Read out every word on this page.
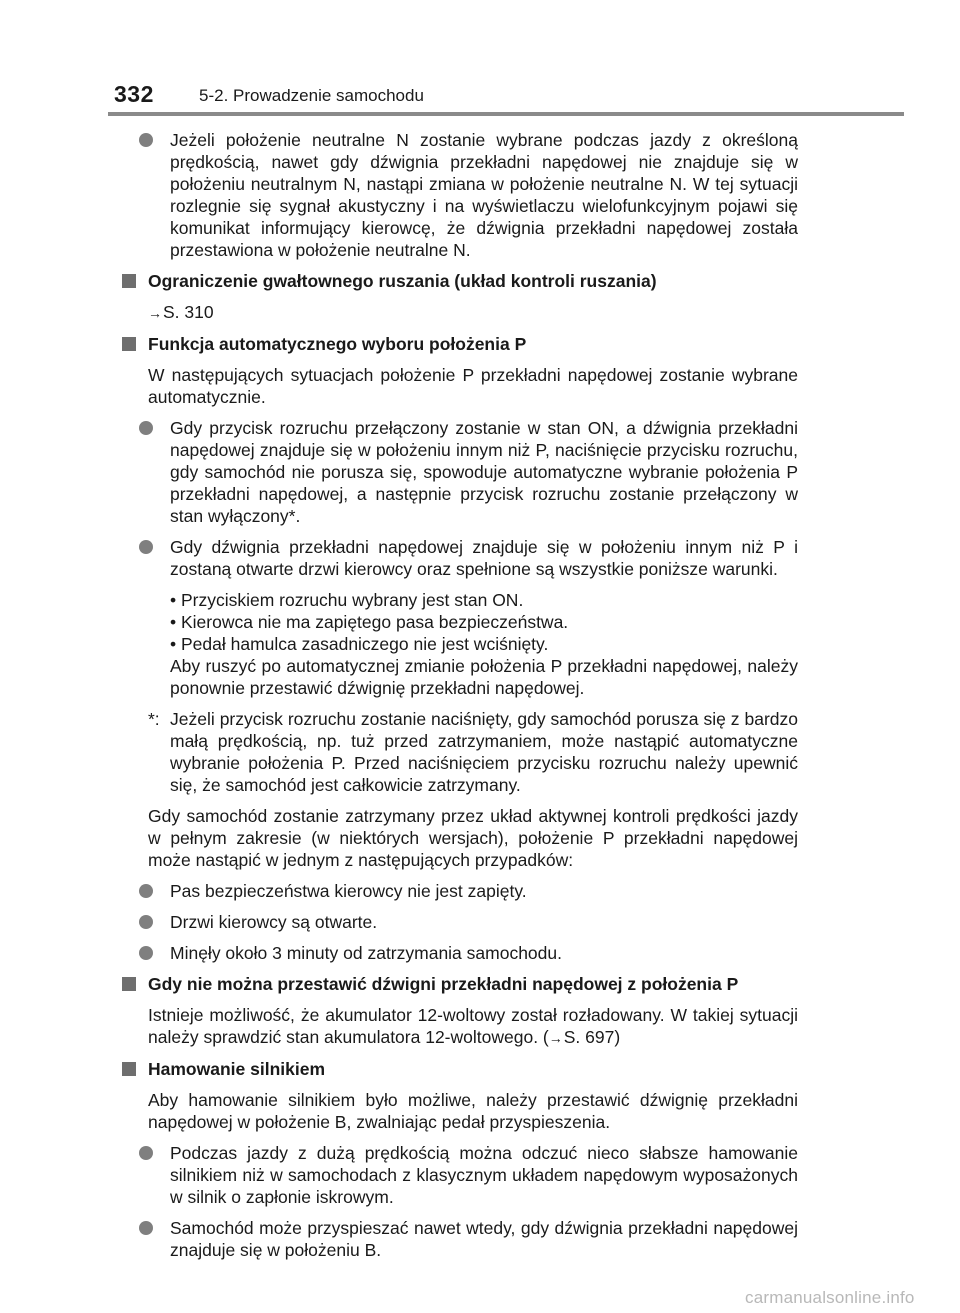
332	5-2. Prowadzenie samochodu
Jeżeli położenie neutralne N zostanie wybrane podczas jazdy z określoną prędkością, nawet gdy dźwignia przekładni napędowej nie znajduje się w położeniu neutralnym N, nastąpi zmiana w położenie neutralne N. W tej sytuacji rozlegnie się sygnał akustyczny i na wyświetlaczu wielofunkcyjnym pojawi się komunikat informujący kierowcę, że dźwignia przekładni napędowej została przestawiona w położenie neutralne N.
Ograniczenie gwałtownego ruszania (układ kontroli ruszania)
→S. 310
Funkcja automatycznego wyboru położenia P
W następujących sytuacjach położenie P przekładni napędowej zostanie wybrane automatycznie.
Gdy przycisk rozruchu przełączony zostanie w stan ON, a dźwignia przekładni napędowej znajduje się w położeniu innym niż P, naciśnięcie przycisku rozruchu, gdy samochód nie porusza się, spowoduje automatyczne wybranie położenia P przekładni napędowej, a następnie przycisk rozruchu zostanie przełączony w stan wyłączony*.
Gdy dźwignia przekładni napędowej znajduje się w położeniu innym niż P i zostaną otwarte drzwi kierowcy oraz spełnione są wszystkie poniższe warunki.
• Przyciskiem rozruchu wybrany jest stan ON.
• Kierowca nie ma zapiętego pasa bezpieczeństwa.
• Pedał hamulca zasadniczego nie jest wciśnięty.
Aby ruszyć po automatycznej zmianie położenia P przekładni napędowej, należy ponownie przestawić dźwignię przekładni napędowej.
*: Jeżeli przycisk rozruchu zostanie naciśnięty, gdy samochód porusza się z bardzo małą prędkością, np. tuż przed zatrzymaniem, może nastąpić automatyczne wybranie położenia P. Przed naciśnięciem przycisku rozruchu należy upewnić się, że samochód jest całkowicie zatrzymany.
Gdy samochód zostanie zatrzymany przez układ aktywnej kontroli prędkości jazdy w pełnym zakresie (w niektórych wersjach), położenie P przekładni napędowej może nastąpić w jednym z następujących przypadków:
Pas bezpieczeństwa kierowcy nie jest zapięty.
Drzwi kierowcy są otwarte.
Minęły około 3 minuty od zatrzymania samochodu.
Gdy nie można przestawić dźwigni przekładni napędowej z położenia P
Istnieje możliwość, że akumulator 12-woltowy został rozładowany. W takiej sytuacji należy sprawdzić stan akumulatora 12-woltowego. (→S. 697)
Hamowanie silnikiem
Aby hamowanie silnikiem było możliwe, należy przestawić dźwignię przekładni napędowej w położenie B, zwalniając pedał przyspieszenia.
Podczas jazdy z dużą prędkością można odczuć nieco słabsze hamowanie silnikiem niż w samochodach z klasycznym układem napędowym wyposażonych w silnik o zapłonie iskrowym.
Samochód może przyspieszać nawet wtedy, gdy dźwignia przekładni napędowej znajduje się w położeniu B.
carmanualsonline.info
